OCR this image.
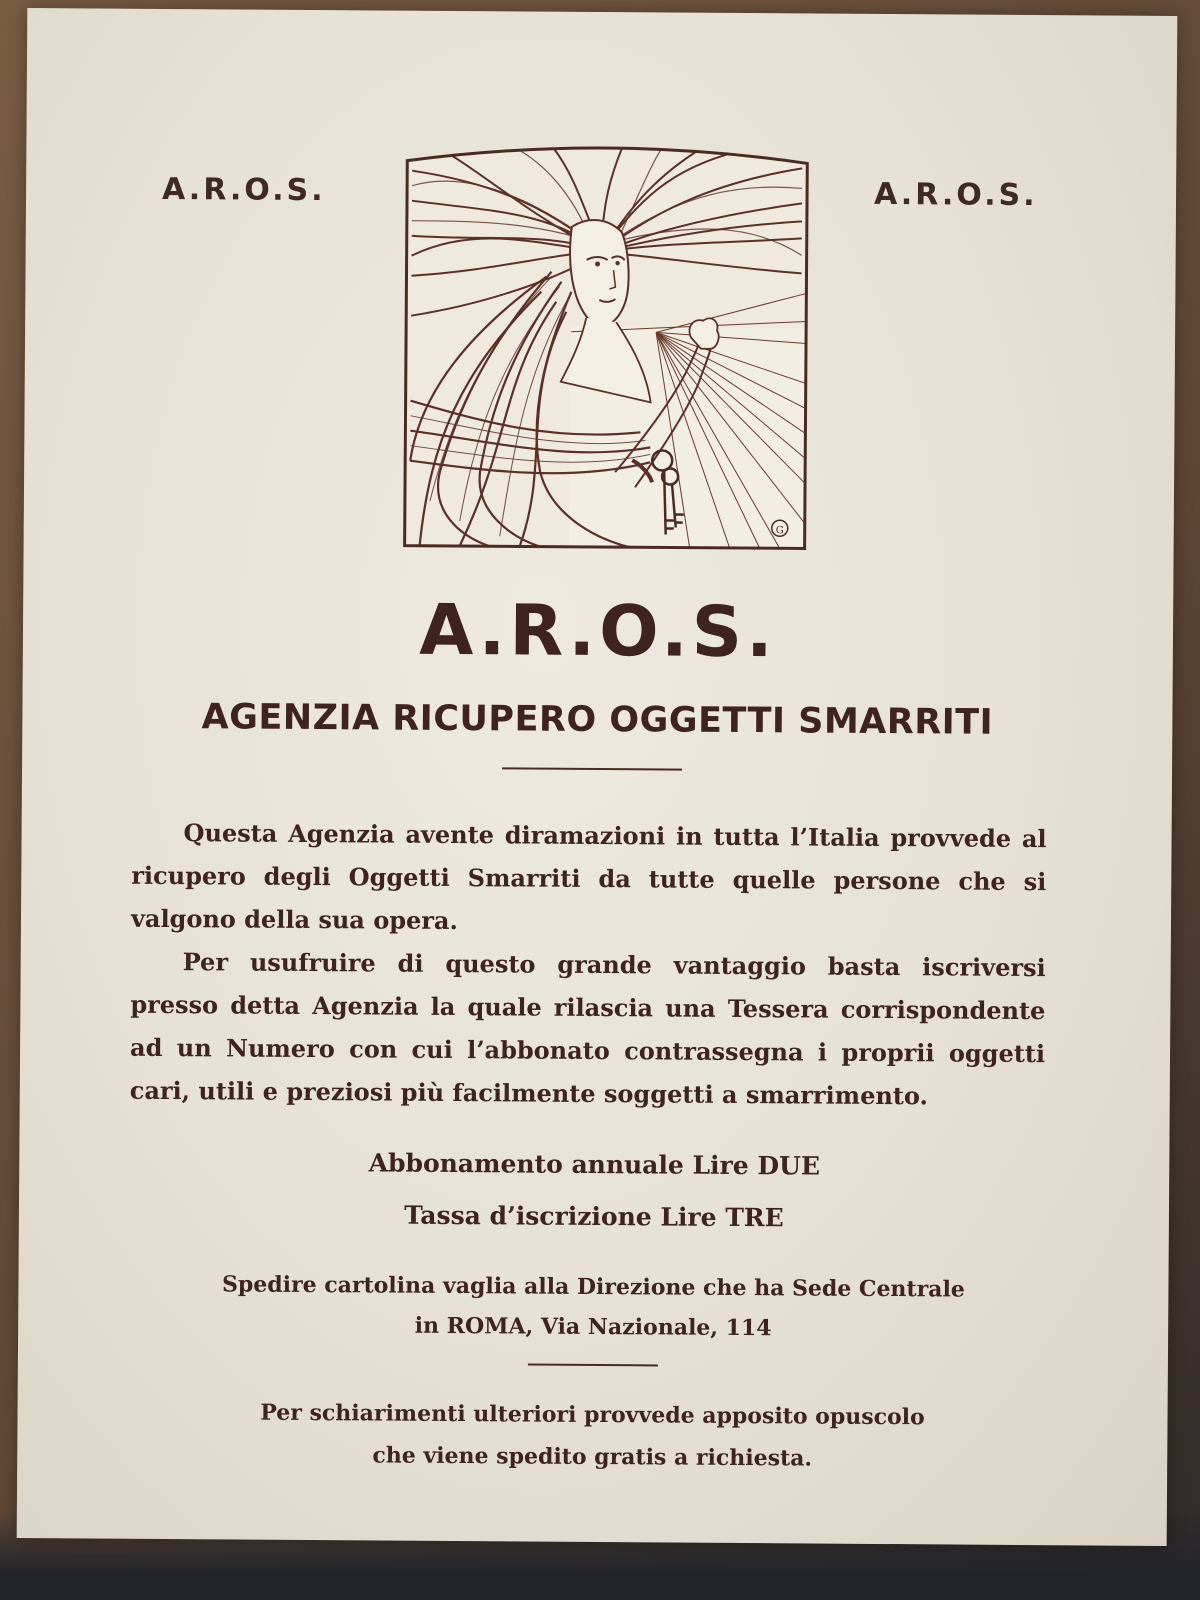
A.R.O.S.	A.R.O.S.
G
A.R.O.S.
AGENZIA RICUPERO OGGETTI SMARRITI

Questa Agenzia avente diramazioni in tutta l’Italia provvede al ricupero degli Oggetti Smarriti da tutte quelle persone che si valgono della sua opera.

Per usufruire di questo grande vantaggio basta iscriversi presso detta Agenzia la quale rilascia una Tessera corrispondente ad un Numero con cui l’abbonato contrassegna i proprii oggetti cari, utili e preziosi più facilmente soggetti a smarrimento.

Abbonamento annuale Lire DUE
Tassa d’iscrizione Lire TRE
Spedire cartolina vaglia alla Direzione che ha Sede Centrale
in ROMA, Via Nazionale, 114
Per schiarimenti ulteriori provvede apposito opuscolo
che viene spedito gratis a richiesta.
